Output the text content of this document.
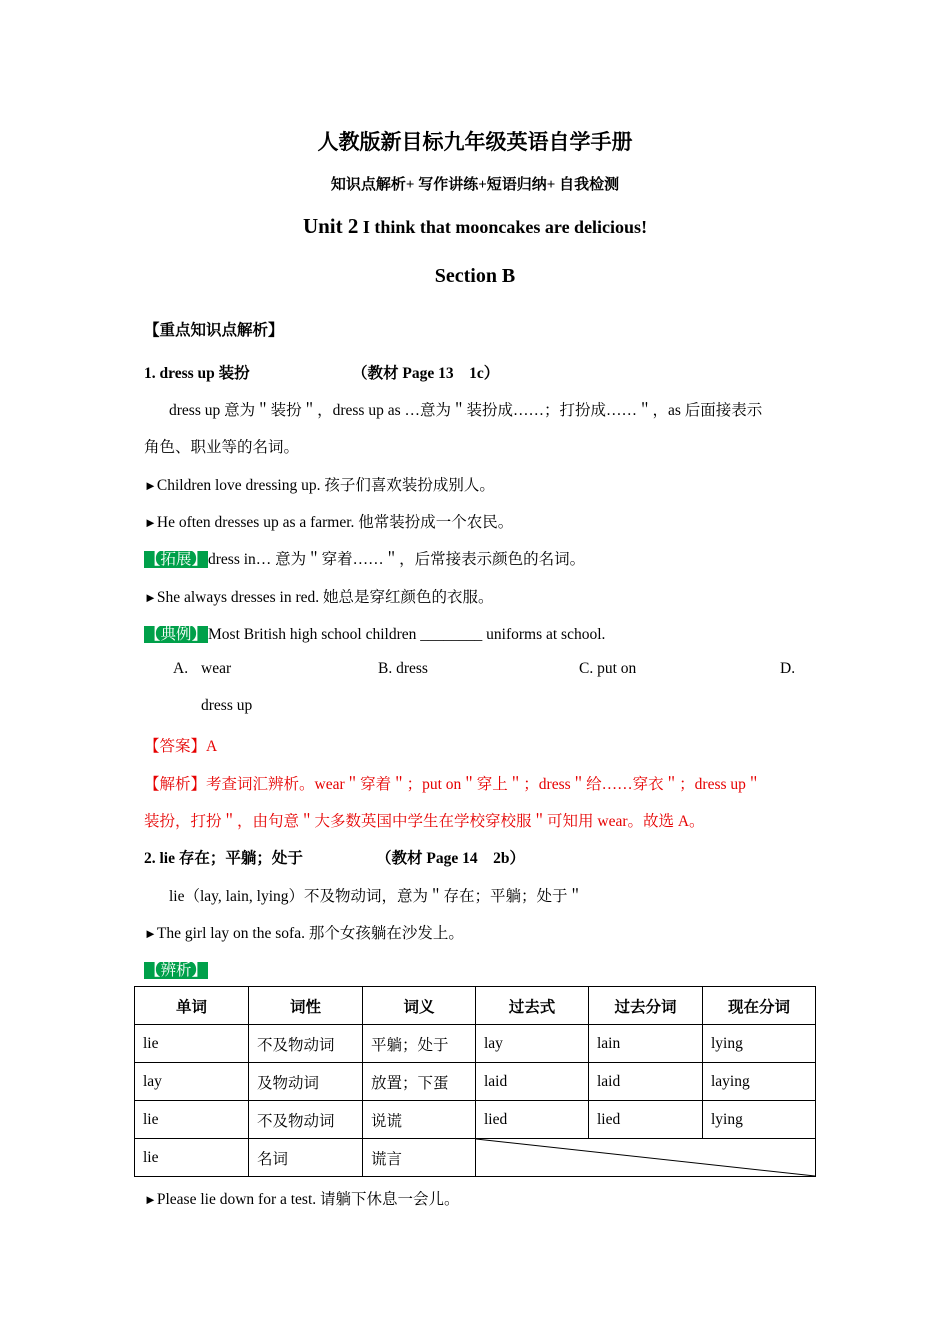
人教版新目标九年级英语自学手册
知识点解析+ 写作讲练+短语归纳+ 自我检测
Unit 2 I think that mooncakes are delicious!
Section B
【重点知识点解析】
1. dress up 装扮	（教材 Page 13　1c）
dress up 意为＂装扮＂，dress up as …意为＂装扮成……；打扮成……＂，as 后面接表示
角色、职业等的名词。
►Children love dressing up. 孩子们喜欢装扮成别人。
►He often dresses up as a farmer. 他常装扮成一个农民。
【拓展】dress in… 意为＂穿着……＂，后常接表示颜色的名词。
►She always dresses in red. 她总是穿红颜色的衣服。
【典例】Most British high school children ________ uniforms at school.
A. wear	B. dress	C. put on	D.
dress up
【答案】A
【解析】考查词汇辨析。wear＂穿着＂；put on＂穿上＂；dress＂给……穿衣＂；dress up＂
装扮，打扮＂，由句意＂大多数英国中学生在学校穿校服＂可知用 wear。故选 A。
2. lie 存在；平躺；处于	（教材 Page 14　2b）
lie（lay, lain, lying）不及物动词，意为＂存在；平躺；处于＂
►The girl lay on the sofa. 那个女孩躺在沙发上。
【辨析】
单词	词性	词义	过去式	过去分词	现在分词
lie	不及物动词	平躺；处于	lay	lain	lying
lay	及物动词	放置；下蛋	laid	laid	laying
lie	不及物动词	说谎	lied	lied	lying
lie	名词	谎言	
►Please lie down for a test. 请躺下休息一会儿。
